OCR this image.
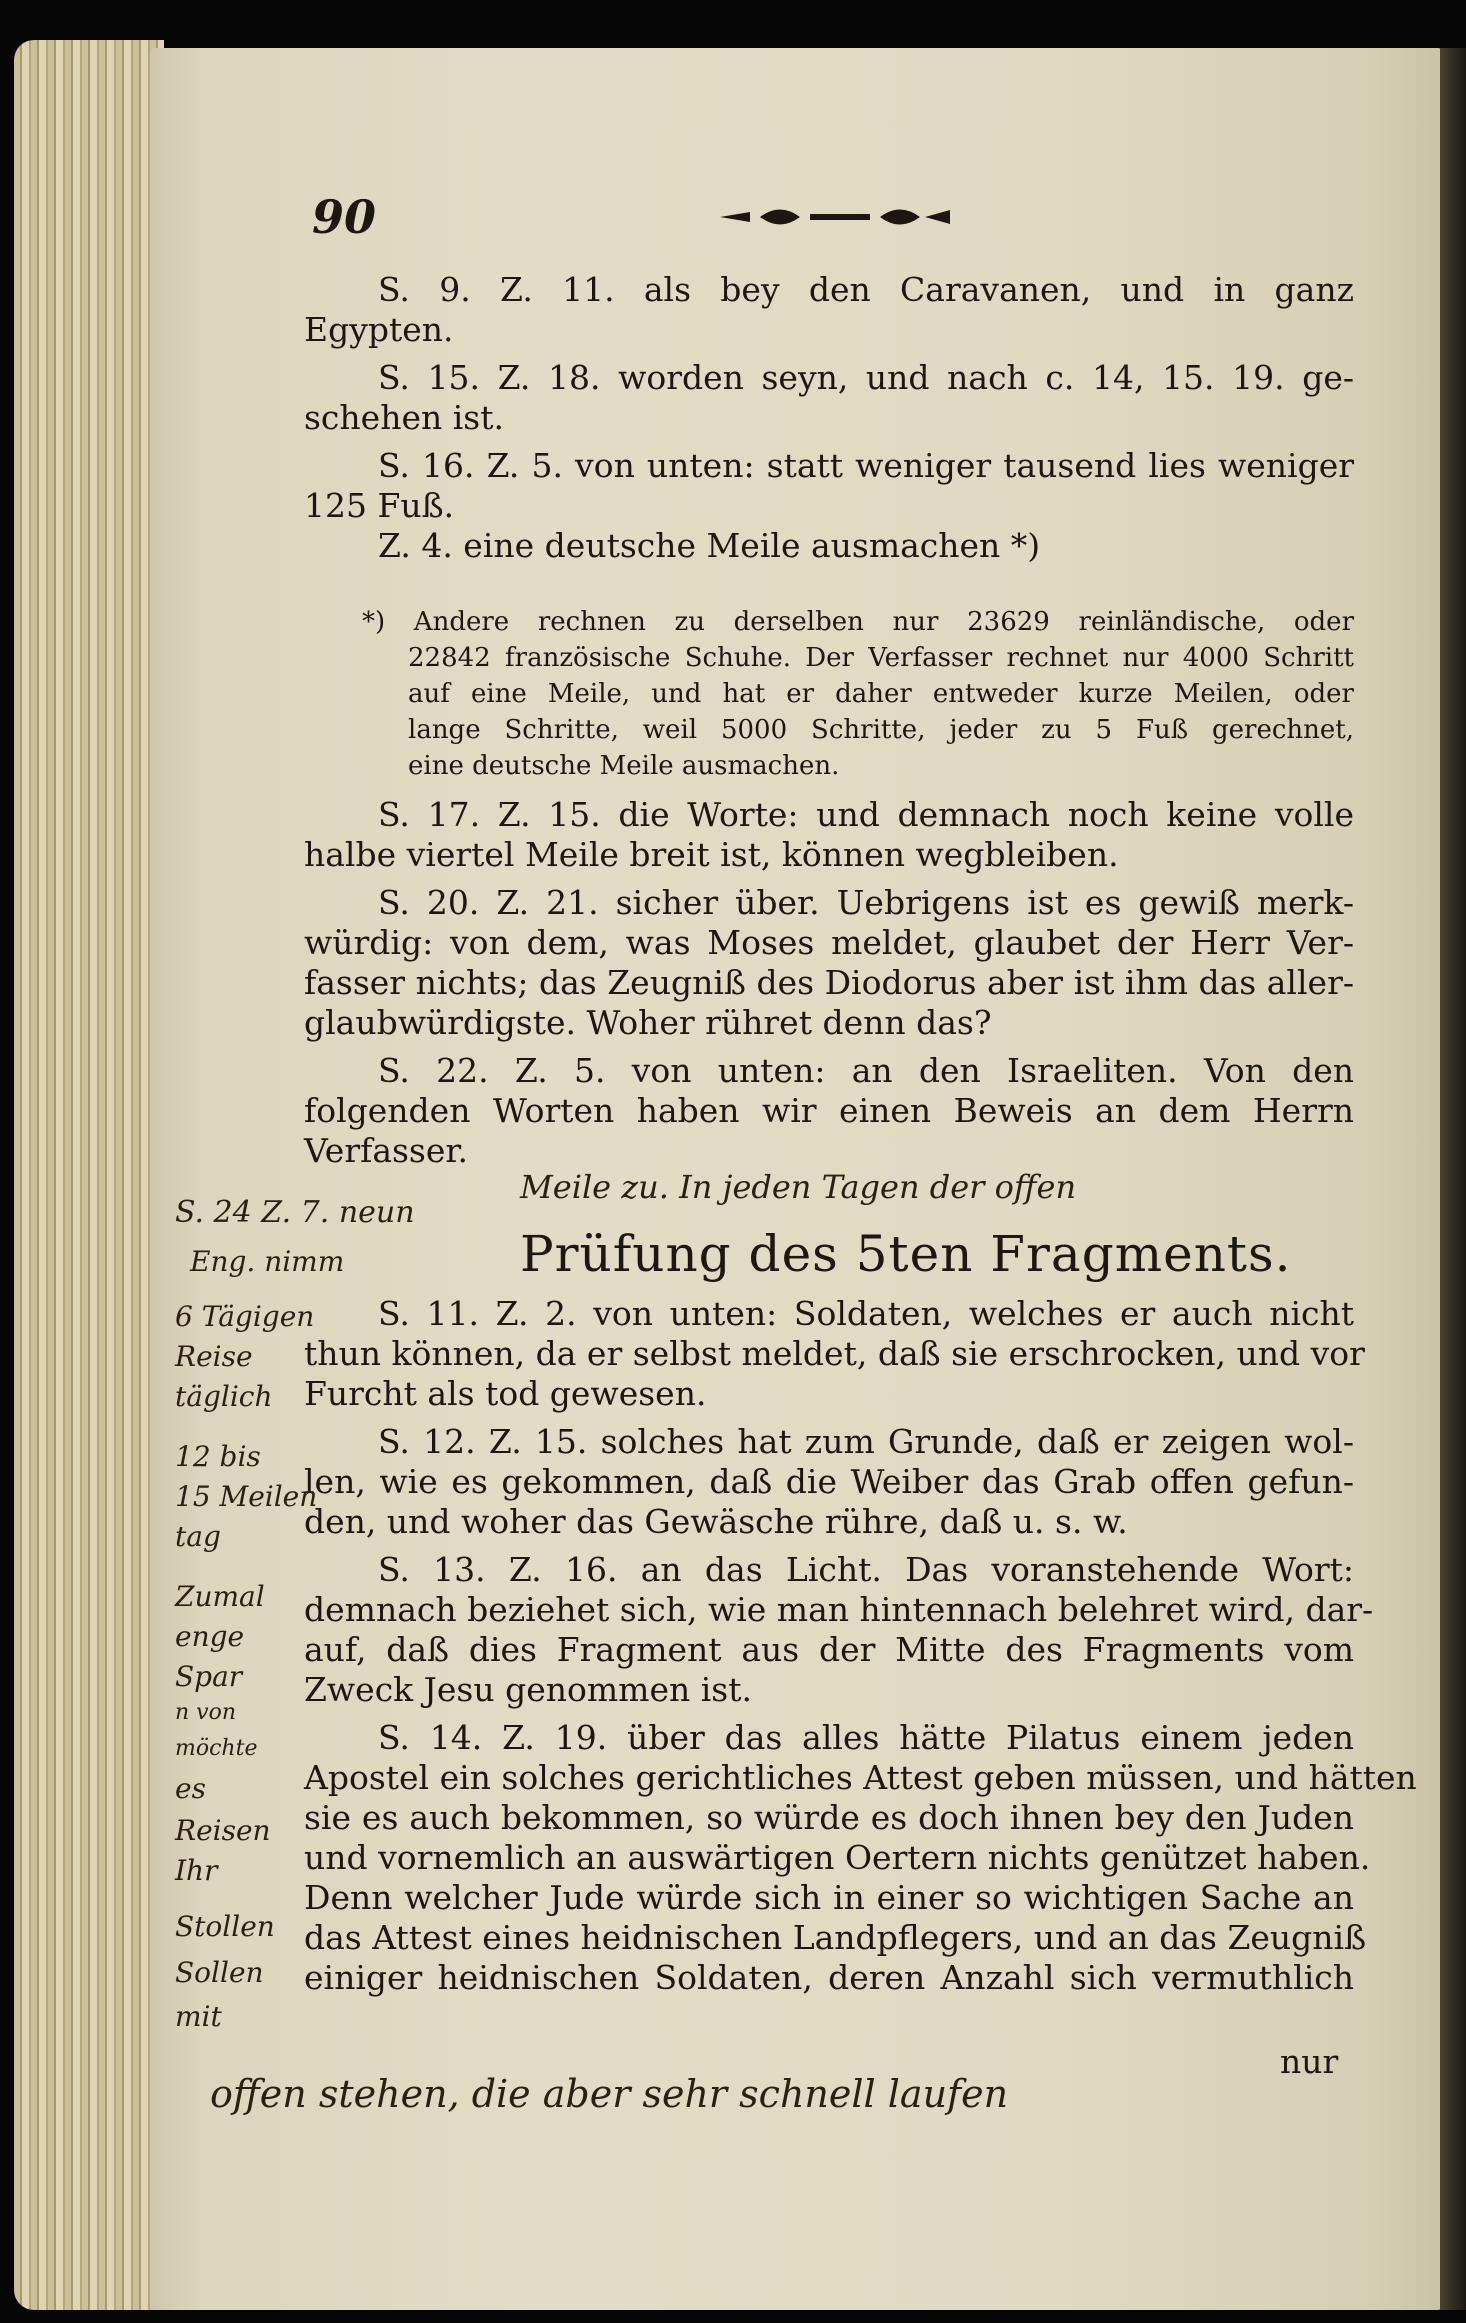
90

S. 9. Z. 11. als bey den Caravanen, und in ganz
Egypten.

S. 15. Z. 18. worden seyn, und nach c. 14, 15. 19. ge-
schehen ist.

S. 16. Z. 5. von unten: statt weniger tausend lies weniger
125 Fuß.

Z. 4. eine deutsche Meile ausmachen *)

*) Andere rechnen zu derselben nur 23629 reinländische, oder
22842 französische Schuhe. Der Verfasser rechnet nur 4000 Schritt
auf eine Meile, und hat er daher entweder kurze Meilen, oder
lange Schritte, weil 5000 Schritte, jeder zu 5 Fuß gerechnet,
eine deutsche Meile ausmachen.

S. 17. Z. 15. die Worte: und demnach noch keine volle
halbe viertel Meile breit ist, können wegbleiben.

S. 20. Z. 21. sicher über. Uebrigens ist es gewiß merk-
würdig: von dem, was Moses meldet, glaubet der Herr Ver-
fasser nichts; das Zeugniß des Diodorus aber ist ihm das aller-
glaubwürdigste. Woher rühret denn das?

S. 22. Z. 5. von unten: an den Israeliten. Von den
folgenden Worten haben wir einen Beweis an dem Herrn
Verfasser.

S. 24 Z. 7. neun
Meile zu. In jeden Tagen der offen
Eng. nimm	Prüfung des 5ten Fragments.

S. 11. Z. 2. von unten: Soldaten, welches er auch nicht
thun können, da er selbst meldet, daß sie erschrocken, und vor
Furcht als tod gewesen.

S. 12. Z. 15. solches hat zum Grunde, daß er zeigen wol-
len, wie es gekommen, daß die Weiber das Grab offen gefun-
den, und woher das Gewäsche rühre, daß u. s. w.

S. 13. Z. 16. an das Licht. Das voranstehende Wort:
demnach beziehet sich, wie man hintennach belehret wird, dar-
auf, daß dies Fragment aus der Mitte des Fragments vom
Zweck Jesu genommen ist.

S. 14. Z. 19. über das alles hätte Pilatus einem jeden
Apostel ein solches gerichtliches Attest geben müssen, und hätten
sie es auch bekommen, so würde es doch ihnen bey den Juden
und vornemlich an auswärtigen Oertern nichts genützet haben.
Denn welcher Jude würde sich in einer so wichtigen Sache an
das Attest eines heidnischen Landpflegers, und an das Zeugniß
einiger heidnischen Soldaten, deren Anzahl sich vermuthlich

nur
6 Tägigen
Reise
täglich
12 bis
15 Meilen
tag
Zumal
enge
Spar
n von
möchte
es
Reisen
Ihr
Stollen
Sollen
mit
offen stehen, die aber sehr schnell laufen
